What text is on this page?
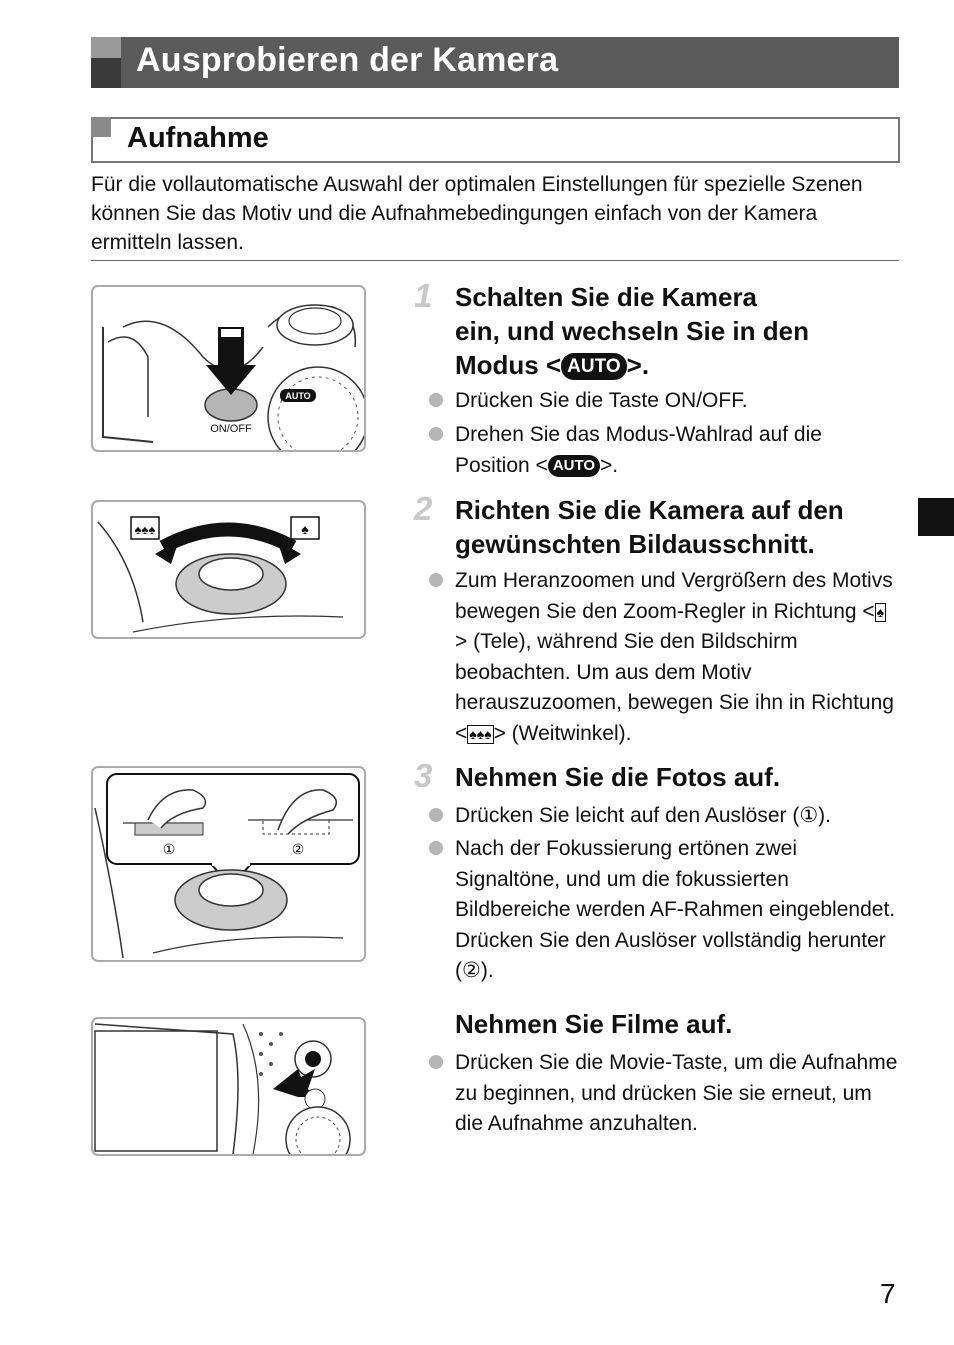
Ausprobieren der Kamera
Aufnahme
Für die vollautomatische Auswahl der optimalen Einstellungen für spezielle Szenen können Sie das Motiv und die Aufnahmebedingungen einfach von der Kamera ermitteln lassen.
AUTO
ON/OFF
♠♠♠	♠
①	②
1 Schalten Sie die Kamera
ein, und wechseln Sie in den
Modus < AUTO >.
Drücken Sie die Taste ON/OFF.
Drehen Sie das Modus-Wahlrad auf die Position < AUTO >.
2 Richten Sie die Kamera auf den gewünschten Bildausschnitt.
Zum Heranzoomen und Vergrößern des Motivs bewegen Sie den Zoom-Regler in Richtung < ♠> (Tele), während Sie den Bildschirm beobachten. Um aus dem Motiv herauszuzoomen, bewegen Sie ihn in Richtung < ♠♠♠> (Weitwinkel).
3 Nehmen Sie die Fotos auf.
Drücken Sie leicht auf den Auslöser (①).
Nach der Fokussierung ertönen zwei Signaltöne, und um die fokussierten Bildbereiche werden AF-Rahmen eingeblendet. Drücken Sie den Auslöser vollständig herunter (②).
Nehmen Sie Filme auf.
Drücken Sie die Movie-Taste, um die Aufnahme zu beginnen, und drücken Sie sie erneut, um die Aufnahme anzuhalten.
7
